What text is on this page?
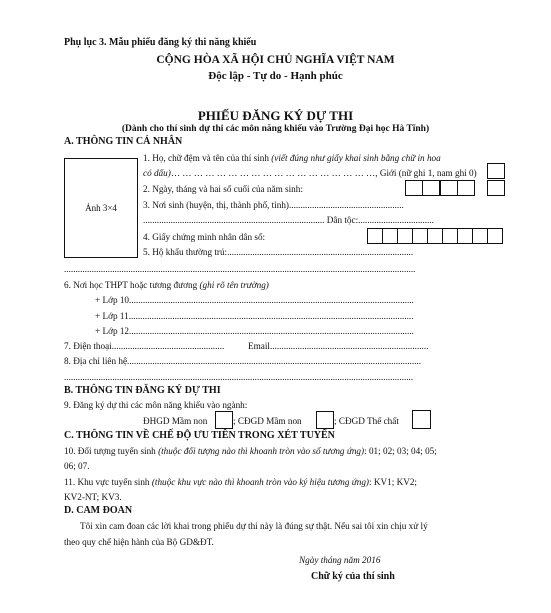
Phụ lục 3. Mẫu phiếu đăng ký thi năng khiếu
CỘNG HÒA XÃ HỘI CHỦ NGHĨA VIỆT NAM
Độc lập - Tự do - Hạnh phúc
PHIẾU ĐĂNG KÝ DỰ THI
(Dành cho thí sinh dự thi các môn năng khiếu vào Trường Đại học Hà Tĩnh)
A. THÔNG TIN CÁ NHÂN
Ảnh 3×4
1. Họ, chữ đệm và tên của thí sinh (viết đúng như giấy khai sinh bằng chữ in hoa
có dấu)… … … … … … … … … … … … … … … … … …, Giới (nữ ghi 1, nam ghi 0)
2. Ngày, tháng và hai số cuối của năm sinh:
3. Nơi sinh (huyện, thị, thành phố, tỉnh)..................................................
............................................................................... Dân tộc:.................................
4. Giấy chứng minh nhân dân số:
5. Hộ khẩu thường trú:.................................................................................
.........................................................................................................................................................
6. Nơi học THPT hoặc tương đương (ghi rõ tên trường)
+ Lớp 10............................................................................................................................
+ Lớp 11............................................................................................................................
+ Lớp 12............................................................................................................................
7. Điện thoại.................................................	Email.....................................................................
8. Địa chỉ liên hệ................................................................................................................................
........................................................................................................................................................
B. THÔNG TIN ĐĂNG KÝ DỰ THI
9. Đăng ký dự thi các môn năng khiếu vào ngành:
ĐHGD Mầm non	; CĐGD Mầm non	; CĐGD Thể chất
C. THÔNG TIN VỀ CHẾ ĐỘ ƯU TIÊN TRONG XÉT TUYỂN
10. Đối tượng tuyển sinh (thuộc đối tượng nào thì khoanh tròn vào số tương ứng): 01; 02; 03; 04; 05;
06; 07.
11. Khu vực tuyển sinh (thuộc khu vực nào thì khoanh tròn vào ký hiệu tương ứng): KV1; KV2;
KV2-NT; KV3.
D. CAM ĐOAN
Tôi xin cam đoan các lời khai trong phiếu dự thi này là đúng sự thật. Nếu sai tôi xin chịu xử lý
theo quy chế hiện hành của Bộ GD&ĐT.
Ngày tháng năm 2016
Chữ ký của thí sinh
